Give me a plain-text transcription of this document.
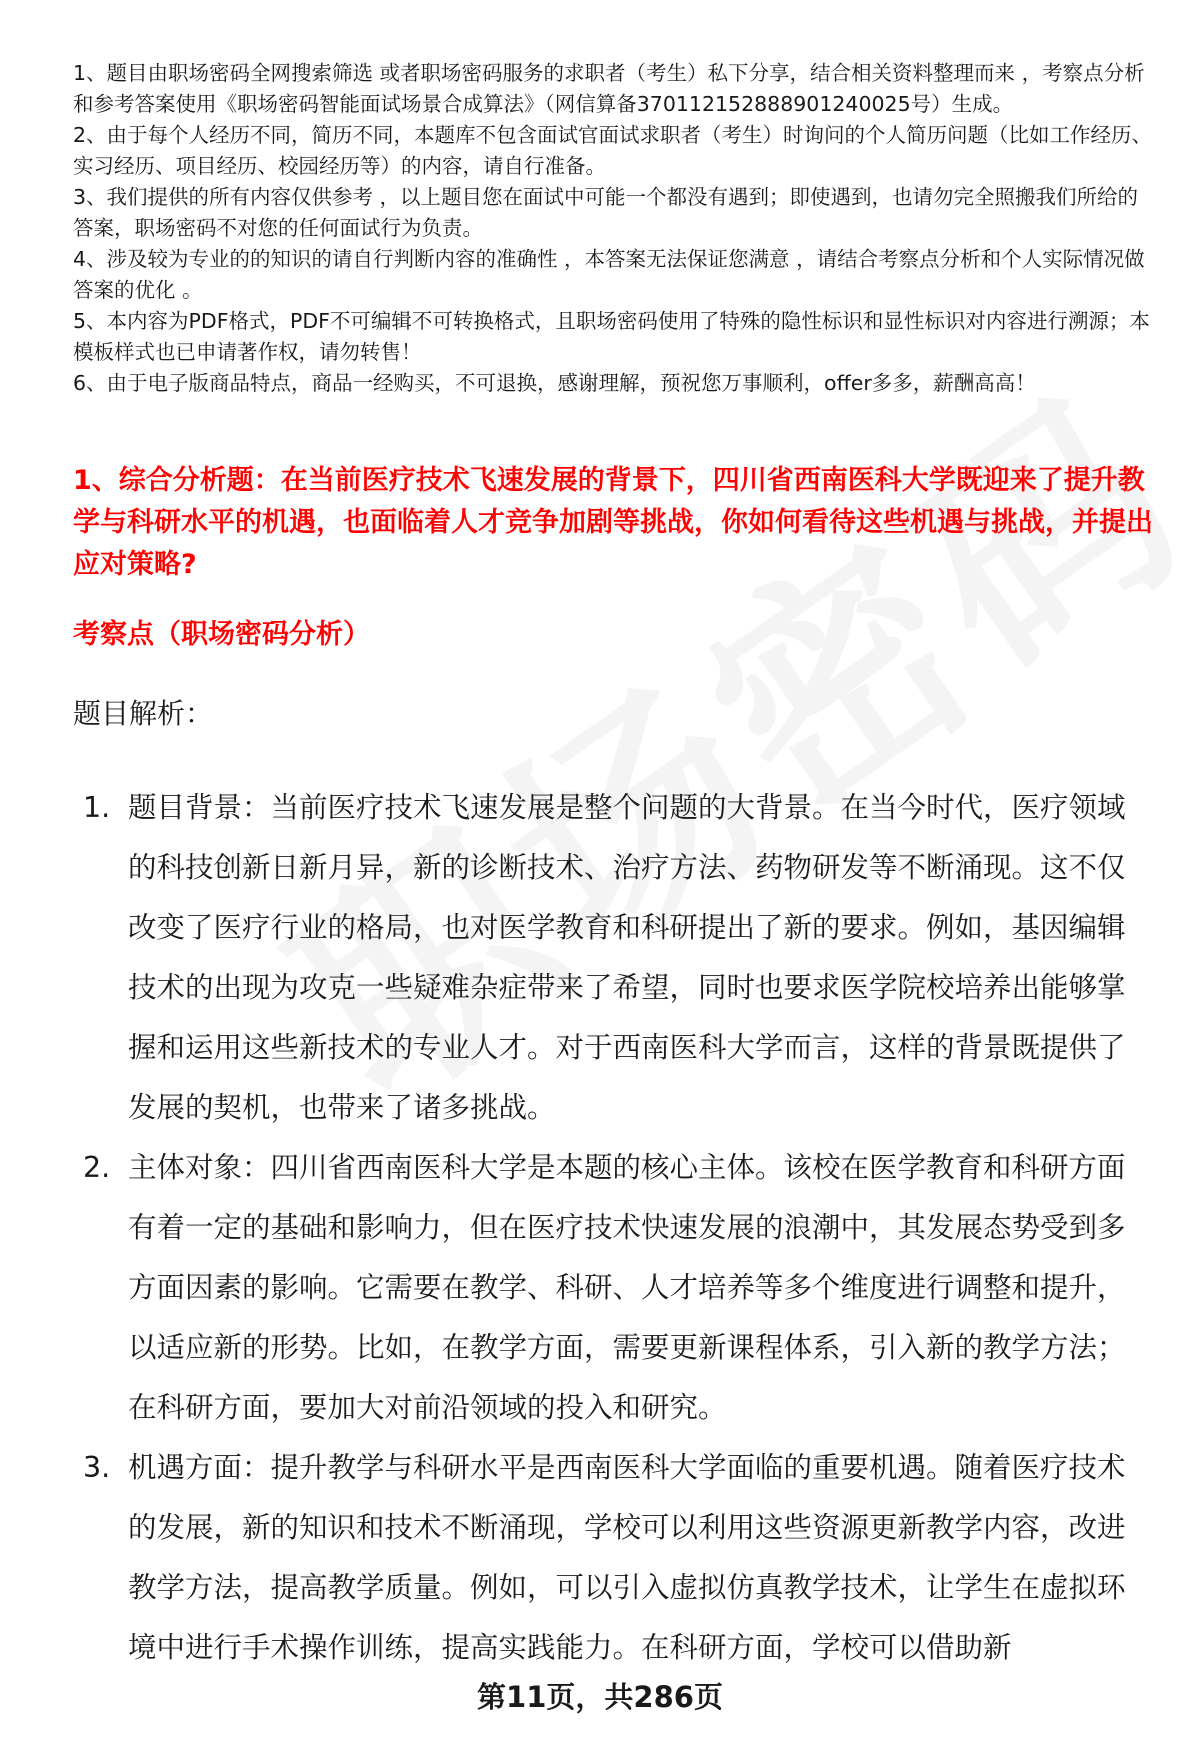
1、题目由职场密码全网搜索筛选 或者职场密码服务的求职者（考生）私下分享，结合相关资料整理而来 ，考察点分析和参考答案使用《职场密码智能面试场景合成算法》（网信算备370112152888901240025号）生成。

2、由于每个人经历不同，简历不同，本题库不包含面试官面试求职者（考生）时询问的个人简历问题（比如工作经历、实习经历、项目经历、校园经历等）的内容，请自行准备。

3、我们提供的所有内容仅供参考 ，以上题目您在面试中可能一个都没有遇到；即使遇到，也请勿完全照搬我们所给的答案，职场密码不对您的任何面试行为负责。

4、涉及较为专业的的知识的请自行判断内容的准确性 ，本答案无法保证您满意 ，请结合考察点分析和个人实际情况做答案的优化 。

5、本内容为PDF格式，PDF不可编辑不可转换格式，且职场密码使用了特殊的隐性标识和显性标识对内容进行溯源；本模板样式也已申请著作权，请勿转售！

6、由于电子版商品特点，商品一经购买，不可退换，感谢理解，预祝您万事顺利，offer多多，薪酬高高！

1、综合分析题：在当前医疗技术飞速发展的背景下，四川省西南医科大学既迎来了提升教学与科研水平的机遇，也面临着人才竞争加剧等挑战，你如何看待这些机遇与挑战，并提出应对策略?
考察点（职场密码分析）

题目解析：

1. 题目背景：当前医疗技术飞速发展是整个问题的大背景。在当今时代，医疗领域的科技创新日新月异，新的诊断技术、治疗方法、药物研发等不断涌现。这不仅改变了医疗行业的格局，也对医学教育和科研提出了新的要求。例如，基因编辑技术的出现为攻克一些疑难杂症带来了希望，同时也要求医学院校培养出能够掌握和运用这些新技术的专业人才。对于西南医科大学而言，这样的背景既提供了发展的契机，也带来了诸多挑战。
2. 主体对象：四川省西南医科大学是本题的核心主体。该校在医学教育和科研方面有着一定的基础和影响力，但在医疗技术快速发展的浪潮中，其发展态势受到多方面因素的影响。它需要在教学、科研、人才培养等多个维度进行调整和提升，以适应新的形势。比如，在教学方面，需要更新课程体系，引入新的教学方法；在科研方面，要加大对前沿领域的投入和研究。
3. 机遇方面：提升教学与科研水平是西南医科大学面临的重要机遇。随着医疗技术的发展，新的知识和技术不断涌现，学校可以利用这些资源更新教学内容，改进教学方法，提高教学质量。例如，可以引入虚拟仿真教学技术，让学生在虚拟环境中进行手术操作训练，提高实践能力。在科研方面，学校可以借助新

第11页，共286页
